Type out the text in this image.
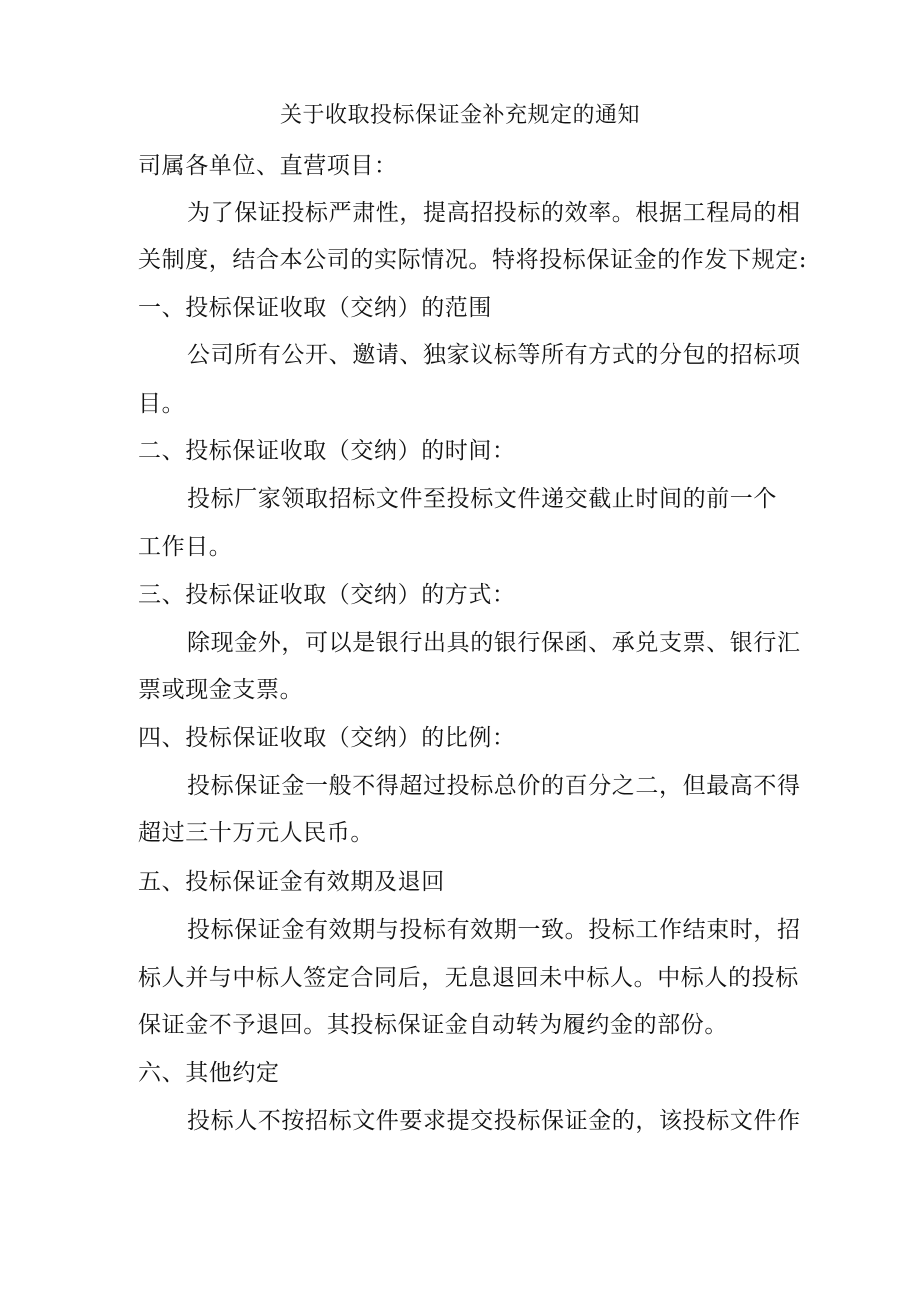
关于收取投标保证金补充规定的通知
司属各单位、直营项目：
为了保证投标严肃性，提高招投标的效率。根据工程局的相
关制度，结合本公司的实际情况。特将投标保证金的作发下规定:
一、投标保证收取（交纳）的范围
公司所有公开、邀请、独家议标等所有方式的分包的招标项
目。
二、投标保证收取（交纳）的时间：
投标厂家领取招标文件至投标文件递交截止时间的前一个
工作日。
三、投标保证收取（交纳）的方式：
除现金外，可以是银行出具的银行保函、承兑支票、银行汇
票或现金支票。
四、投标保证收取（交纳）的比例：
投标保证金一般不得超过投标总价的百分之二，但最高不得
超过三十万元人民币。
五、投标保证金有效期及退回
投标保证金有效期与投标有效期一致。投标工作结束时，招
标人并与中标人签定合同后，无息退回未中标人。中标人的投标
保证金不予退回。其投标保证金自动转为履约金的部份。
六、其他约定
投标人不按招标文件要求提交投标保证金的，该投标文件作
